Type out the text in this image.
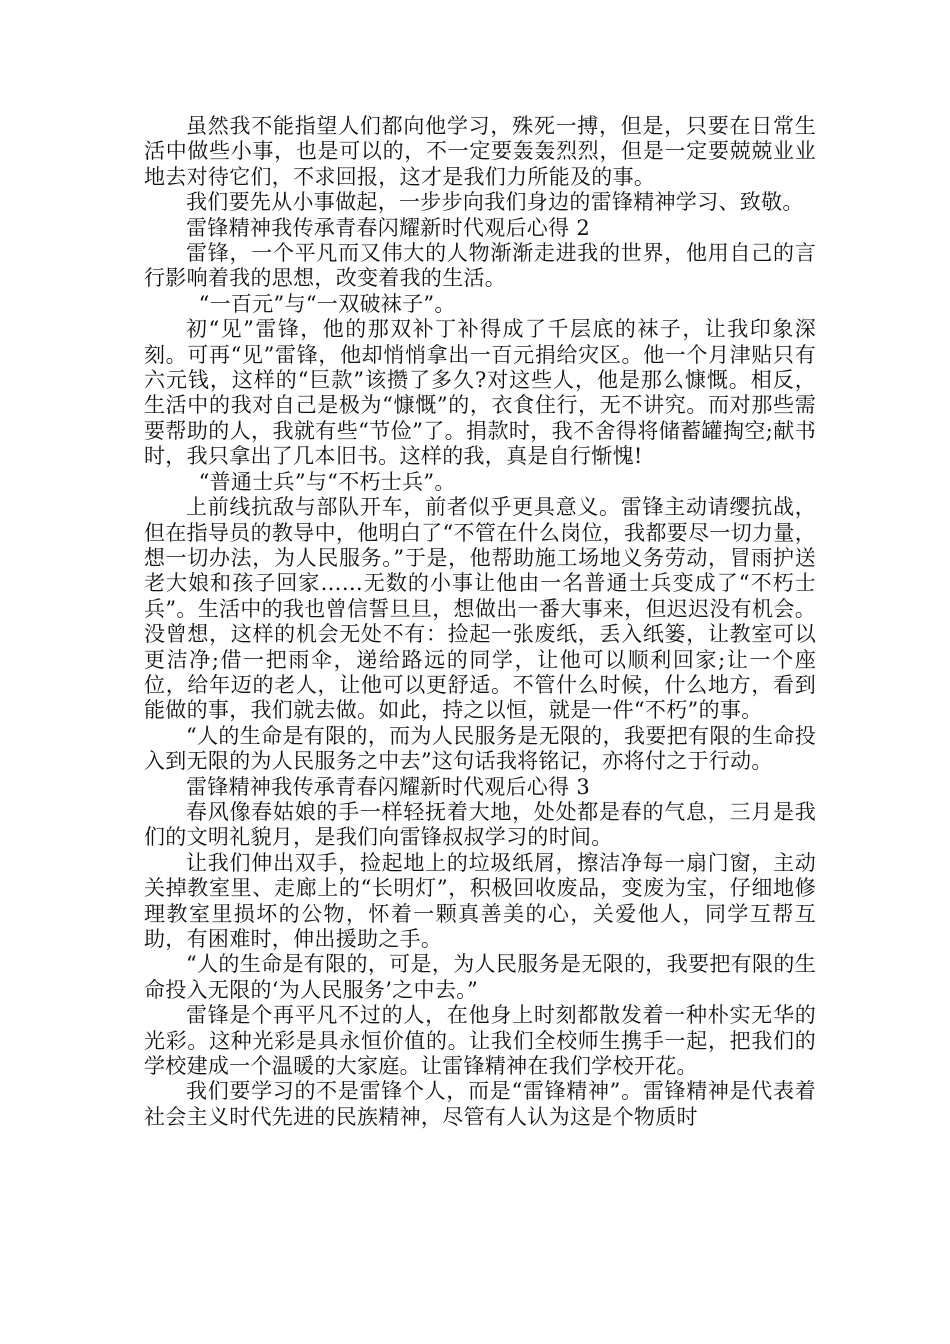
虽然我不能指望人们都向他学习，殊死一搏，但是，只要在日常生活中做些小事，也是可以的，不一定要轰轰烈烈，但是一定要兢兢业业地去对待它们，不求回报，这才是我们力所能及的事。

我们要先从小事做起，一步步向我们身边的雷锋精神学习、致敬。

雷锋精神我传承青春闪耀新时代观后心得 2

雷锋，一个平凡而又伟大的人物渐渐走进我的世界，他用自己的言行影响着我的思想，改变着我的生活。

“一百元”与“一双破袜子”。

初“见”雷锋，他的那双补丁补得成了千层底的袜子，让我印象深刻。可再“见”雷锋，他却悄悄拿出一百元捐给灾区。他一个月津贴只有六元钱，这样的“巨款”该攒了多久?对这些人，他是那么慷慨。相反，生活中的我对自己是极为“慷慨”的，衣食住行，无不讲究。而对那些需要帮助的人，我就有些“节俭”了。捐款时，我不舍得将储蓄罐掏空;献书时，我只拿出了几本旧书。这样的我，真是自行惭愧!

“普通士兵”与“不朽士兵”。

上前线抗敌与部队开车，前者似乎更具意义。雷锋主动请缨抗战，但在指导员的教导中，他明白了“不管在什么岗位，我都要尽一切力量，想一切办法，为人民服务。”于是，他帮助施工场地义务劳动，冒雨护送老大娘和孩子回家……无数的小事让他由一名普通士兵变成了“不朽士兵”。生活中的我也曾信誓旦旦，想做出一番大事来，但迟迟没有机会。没曾想，这样的机会无处不有：捡起一张废纸，丢入纸篓，让教室可以更洁净;借一把雨伞，递给路远的同学，让他可以顺利回家;让一个座位，给年迈的老人，让他可以更舒适。不管什么时候，什么地方，看到能做的事，我们就去做。如此，持之以恒，就是一件“不朽”的事。

“人的生命是有限的，而为人民服务是无限的，我要把有限的生命投入到无限的为人民服务之中去”这句话我将铭记，亦将付之于行动。

雷锋精神我传承青春闪耀新时代观后心得 3

春风像春姑娘的手一样轻抚着大地，处处都是春的气息，三月是我们的文明礼貌月，是我们向雷锋叔叔学习的时间。

让我们伸出双手，捡起地上的垃圾纸屑，擦洁净每一扇门窗，主动关掉教室里、走廊上的“长明灯”，积极回收废品，变废为宝，仔细地修理教室里损坏的公物，怀着一颗真善美的心，关爱他人，同学互帮互助，有困难时，伸出援助之手。

“人的生命是有限的，可是，为人民服务是无限的，我要把有限的生命投入无限的‘为人民服务’之中去。”

雷锋是个再平凡不过的人，在他身上时刻都散发着一种朴实无华的光彩。这种光彩是具永恒价值的。让我们全校师生携手一起，把我们的学校建成一个温暖的大家庭。让雷锋精神在我们学校开花。

我们要学习的不是雷锋个人，而是“雷锋精神”。雷锋精神是代表着社会主义时代先进的民族精神，尽管有人认为这是个物质时
